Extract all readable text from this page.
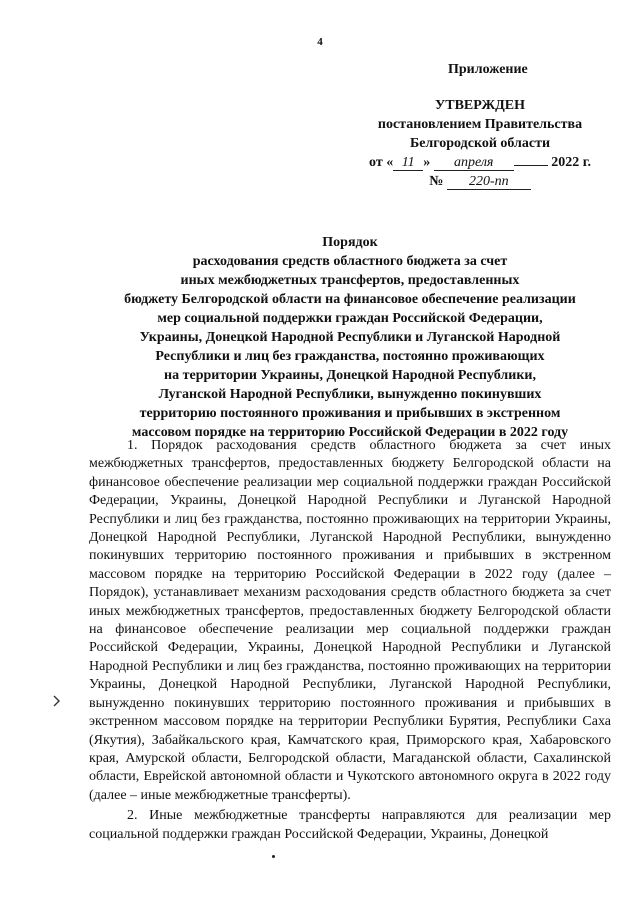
4
Приложение
УТВЕРЖДЕН
постановлением Правительства
Белгородской области
от « 11 » апреля	2022 г.
№ 220-пп
Порядок
расходования средств областного бюджета за счет
иных межбюджетных трансфертов, предоставленных
бюджету Белгородской области на финансовое обеспечение реализации
мер социальной поддержки граждан Российской Федерации,
Украины, Донецкой Народной Республики и Луганской Народной
Республики и лиц без гражданства, постоянно проживающих
на территории Украины, Донецкой Народной Республики,
Луганской Народной Республики, вынужденно покинувших
территорию постоянного проживания и прибывших в экстренном
массовом порядке на территорию Российской Федерации в 2022 году

1. Порядок расходования средств областного бюджета за счет иных межбюджетных трансфертов, предоставленных бюджету Белгородской области на финансовое обеспечение реализации мер социальной поддержки граждан Российской Федерации, Украины, Донецкой Народной Республики и Луганской Народной Республики и лиц без гражданства, постоянно проживающих на территории Украины, Донецкой Народной Республики, Луганской Народной Республики, вынужденно покинувших территорию постоянного проживания и прибывших в экстренном массовом порядке на территорию Российской Федерации в 2022 году (далее – Порядок), устанавливает механизм расходования средств областного бюджета за счет иных межбюджетных трансфертов, предоставленных бюджету Белгородской области на финансовое обеспечение реализации мер социальной поддержки граждан Российской Федерации, Украины, Донецкой Народной Республики и Луганской Народной Республики и лиц без гражданства, постоянно проживающих на территории Украины, Донецкой Народной Республики, Луганской Народной Республики, вынужденно покинувших территорию постоянного проживания и прибывших в экстренном массовом порядке на территории Республики Бурятия, Республики Саха (Якутия), Забайкальского края, Камчатского края, Приморского края, Хабаровского края, Амурской области, Белгородской области, Магаданской области, Сахалинской области, Еврейской автономной области и Чукотского автономного округа в 2022 году (далее – иные межбюджетные трансферты).

2. Иные межбюджетные трансферты направляются для реализации мер социальной поддержки граждан Российской Федерации, Украины, Донецкой
